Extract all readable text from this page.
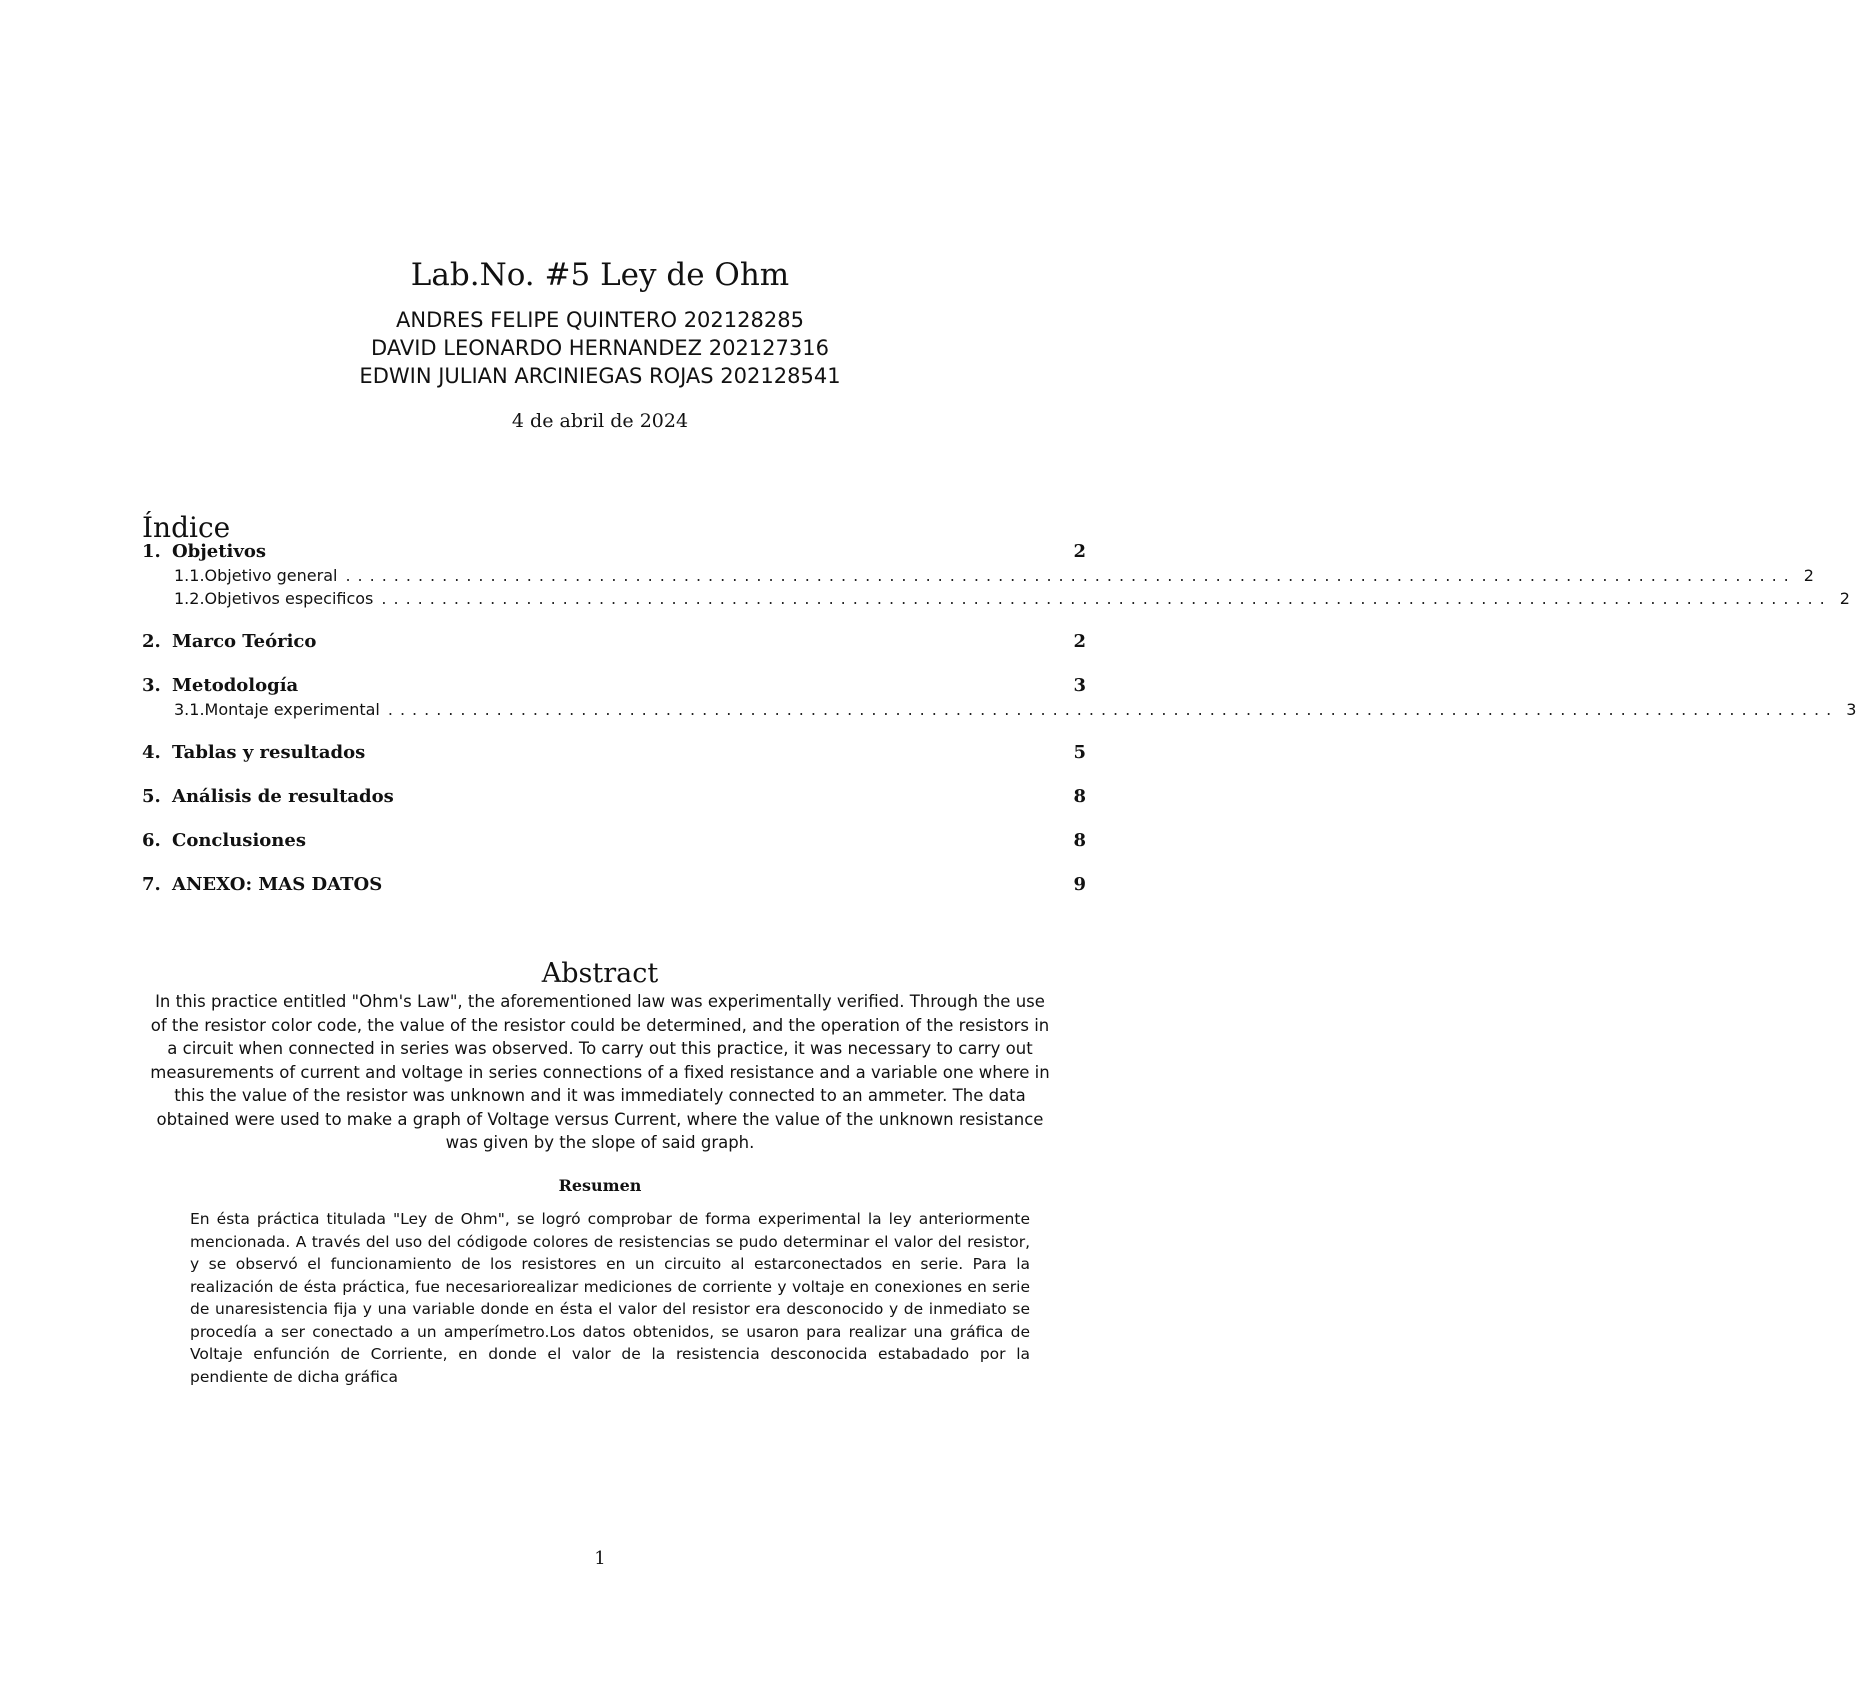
Lab.No. #5 Ley de Ohm
ANDRES FELIPE QUINTERO 202128285
DAVID LEONARDO HERNANDEZ 202127316
EDWIN JULIAN ARCINIEGAS ROJAS 202128541
4 de abril de 2024
Índice
1. Objetivos	2
1.1. Objetivo general ........................................................................................................................ 2
1.2. Objetivos especificos ........................................................................................................................ 2
2. Marco Teórico	2
3. Metodología	3
3.1. Montaje experimental ........................................................................................................................ 3
4. Tablas y resultados	5
5. Análisis de resultados	8
6. Conclusiones	8
7. ANEXO: MAS DATOS	9
Abstract

In this practice entitled "Ohm's Law", the aforementioned law was experimentally verified. Through the use of the resistor color code, the value of the resistor could be determined, and the operation of the resistors in a circuit when connected in series was observed. To carry out this practice, it was necessary to carry out measurements of current and voltage in series connections of a fixed resistance and a variable one where in this the value of the resistor was unknown and it was immediately connected to an ammeter. The data obtained were used to make a graph of Voltage versus Current, where the value of the unknown resistance was given by the slope of said graph.

Resumen

En ésta práctica titulada "Ley de Ohm", se logró comprobar de forma experimental la ley anteriormente mencionada. A través del uso del códigode colores de resistencias se pudo determinar el valor del resistor, y se observó el funcionamiento de los resistores en un circuito al estarconectados en serie. Para la realización de ésta práctica, fue necesariorealizar mediciones de corriente y voltaje en conexiones en serie de unaresistencia fija y una variable donde en ésta el valor del resistor era desconocido y de inmediato se procedía a ser conectado a un amperímetro.Los datos obtenidos, se usaron para realizar una gráfica de Voltaje enfunción de Corriente, en donde el valor de la resistencia desconocida estabadado por la pendiente de dicha gráfica

1
